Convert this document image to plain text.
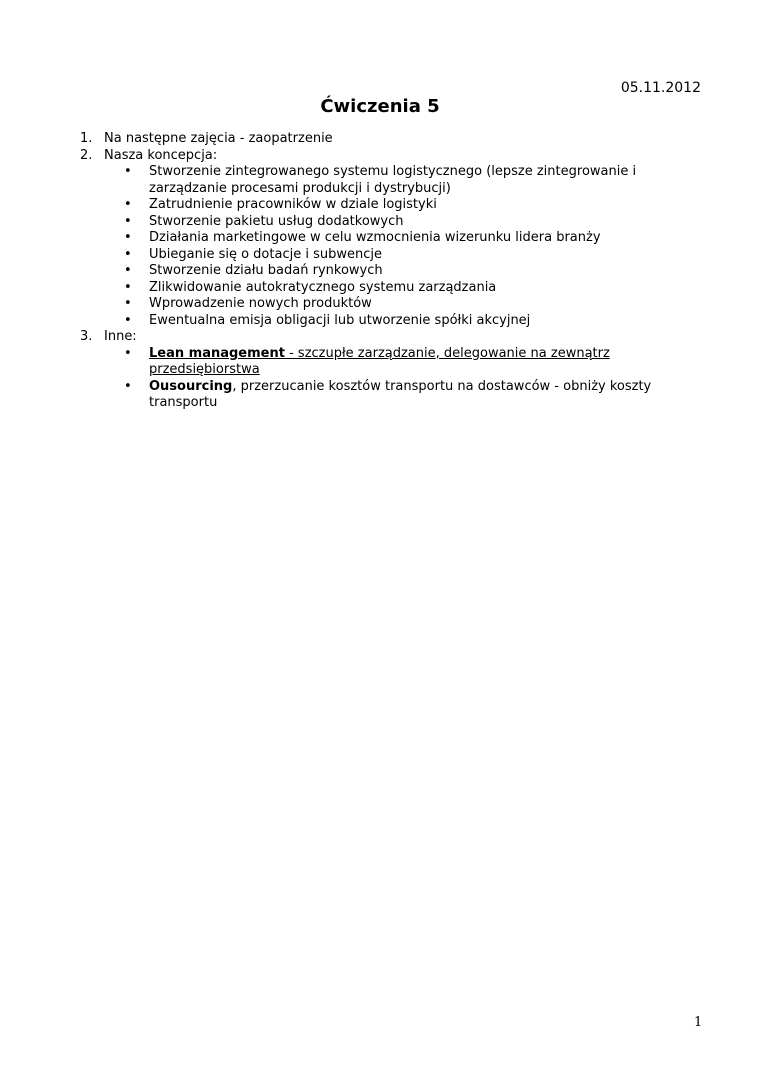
05.11.2012
Ćwiczenia 5
1. Na następne zajęcia - zaopatrzenie
2. Nasza koncepcja:
•
Stworzenie zintegrowanego systemu logistycznego (lepsze zintegrowanie i zarządzanie procesami produkcji i dystrybucji)
•
Zatrudnienie pracowników w dziale logistyki
•
Stworzenie pakietu usług dodatkowych
•
Działania marketingowe w celu wzmocnienia wizerunku lidera branży
•
Ubieganie się o dotacje i subwencje
•
Stworzenie działu badań rynkowych
•
Zlikwidowanie autokratycznego systemu zarządzania
•
Wprowadzenie nowych produktów
•
Ewentualna emisja obligacji lub utworzenie spółki akcyjnej
3. Inne:
•
Lean management - szczupłe zarządzanie, delegowanie na zewnątrz przedsiębiorstwa
•
Ousourcing, przerzucanie kosztów transportu na dostawców - obniży koszty transportu
1
